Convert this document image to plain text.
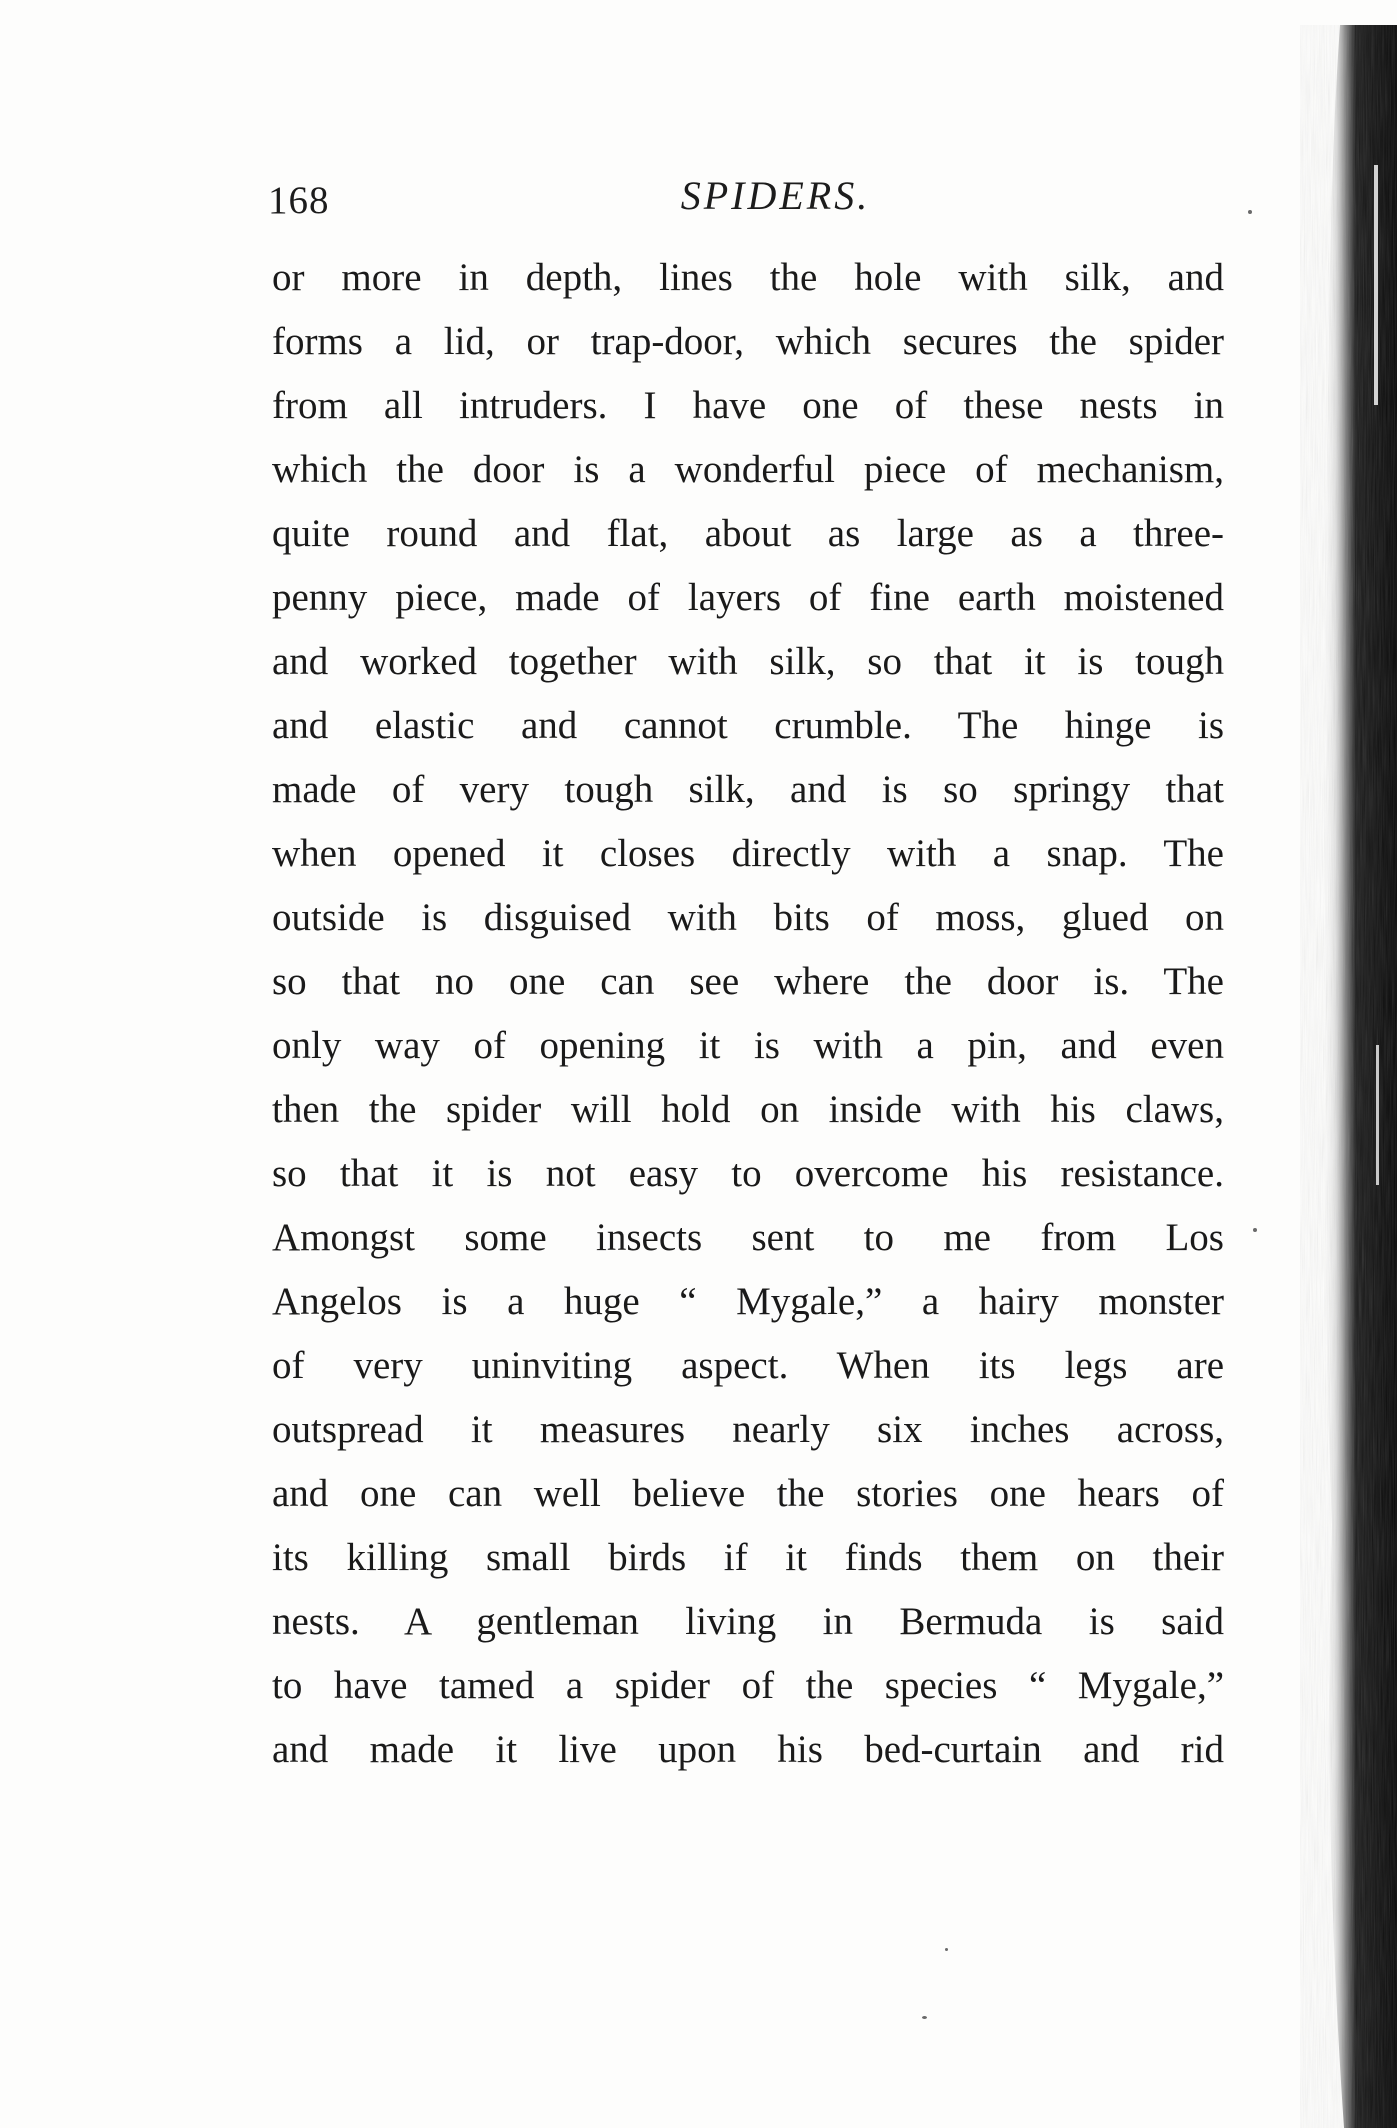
168	SPIDERS.
or more in depth, lines the hole with silk, and
forms a lid, or trap-door, which secures the spider
from all intruders. I have one of these nests in
which the door is a wonderful piece of mechanism,
quite round and flat, about as large as a three-
penny piece, made of layers of fine earth moistened
and worked together with silk, so that it is tough
and elastic and cannot crumble. The hinge is
made of very tough silk, and is so springy that
when opened it closes directly with a snap. The
outside is disguised with bits of moss, glued on
so that no one can see where the door is. The
only way of opening it is with a pin, and even
then the spider will hold on inside with his claws,
so that it is not easy to overcome his resistance.
Amongst some insects sent to me from Los
Angelos is a huge “ Mygale,” a hairy monster
of very uninviting aspect. When its legs are
outspread it measures nearly six inches across,
and one can well believe the stories one hears of
its killing small birds if it finds them on their
nests. A gentleman living in Bermuda is said
to have tamed a spider of the species “ Mygale,”
and made it live upon his bed-curtain and rid
